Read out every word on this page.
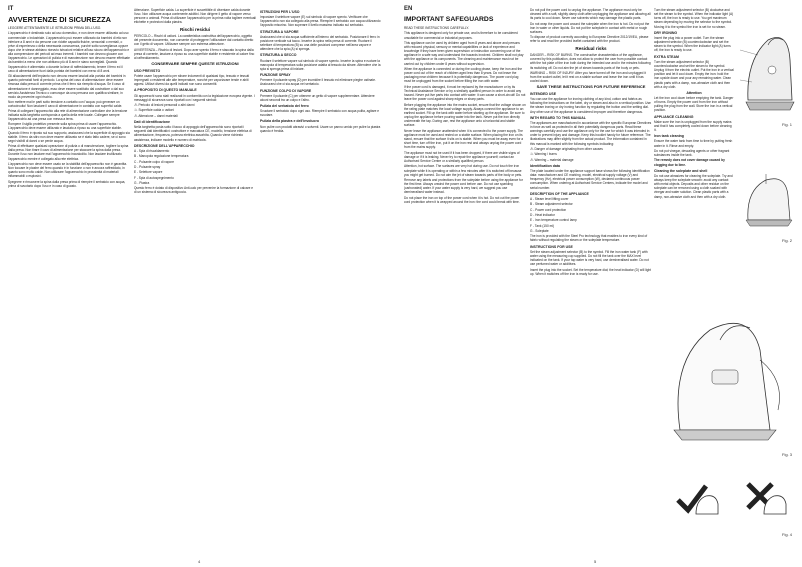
IT
AVVERTENZE DI SICUREZZA

LEGGERE ATTENTAMENTE LE ISTRUZIONI PRIMA DELL'USO.

L'apparecchio è destinato solo ad uso domestico, e non deve essere utilizzato ad uso commerciale o industriale. L'apparecchio può essere utilizzato da bambini di età non inferiore a 8 anni e da persone con ridotte capacità fisiche, sensoriali o mentali, o prive di esperienza o della necessaria conoscenza, purché sotto sorveglianza oppure dopo che le stesse abbiano ricevuto istruzioni relative all'uso sicuro dell'apparecchio e alla comprensione dei pericoli ad esso inerenti. I bambini non devono giocare con l'apparecchio. Le operazioni di pulizia e di manutenzione non devono essere effettuate da bambini a meno che non abbiano più di 8 anni e siano sorvegliati. Quando l'apparecchio è alimentato o durante la fase di raffreddamento, tenere il ferro ed il cavo di alimentazione fuori dalla portata dei bambini con meno di 8 anni.

Gli allacciamenti dell'impianto non devono essere lasciati alla portata dei bambini in quanto potenziali fonti di pericolo. La spina del cavo di alimentazione deve essere rimossa dalla presa di corrente prima che il ferro sia riempito d'acqua. Se il cavo di alimentazione è danneggiato, esso deve essere sostituito dal costruttore o dal suo servizio Assistenza Tecnico o comunque da una persona con qualifica similare, in modo da prevenire ogni rischio.

Non mettere mai le parti sotto tensione a contatto con l'acqua: può generare un cortocircuito! Non lasciare il cavo di alimentazione in contatto con superfici calde. Prima di collegare l'apparecchio alla rete di alimentazione controllare che la tensione indicata sulla targhetta corrisponda a quella della rete locale. Collegare sempre l'apparecchio ad una presa con messa a terra.

Rompere il sigillo protettivo presente sulla spina prima di usare l'apparecchio. L'apparecchio deve essere utilizzato e lasciato a riposo su una superficie stabile. Quando il ferro è riposto sul suo supporto, assicurarsi che la superficie di appoggio sia stabile. Il ferro da stiro non deve essere utilizzato se è stato fatto cadere, se ci sono segni visibili di danni o se perde acqua.

Prima di effettuare qualsiasi operazione di pulizia o di manutenzione, togliere la spina dalla presa. Non tirare il cavo di alimentazione per staccare la spina dalla presa. Durante l'uso non lasciare mai l'apparecchio incustodito. Non lasciare inutilizzato l'apparecchio mentre è collegato alla rete elettrica.

L'apparecchio non deve essere usato se la stabilità dell'apparecchio non è garantita. Non toccare le piastre del ferro quando è in funzione o non è ancora raffreddato, in quanto sono molto calde. Non utilizzare l'apparecchio in prossimità di materiali infiammabili o esplosivi.

Spegnere e rimuovere la spina dalla presa prima di riempire il serbatoio con acqua, prima di svuotarlo dopo l'uso e in caso di guasto.

Attenzione. Superficie calda. La superficie è suscettibile di diventare calda durante l'uso. Non utilizzare acqua contenente additivi. Non dirigere il getto di vapore verso persone o animali. Prima di utilizzare l'apparecchio per la prima volta togliere eventuali etichette e protezioni dalla piastra.

Rischi residui

PERICOLO – Rischi di ustioni. La caratteristica costruttiva dell'apparecchio, oggetto del presente documento, non consente di proteggere l'utilizzatore dal contatto diretto con il getto di vapore. Utilizzare sempre con estrema attenzione.

AVVERTENZA – Rischio di lesioni. Dopo aver spento il ferro e staccato la spina dalla presa di corrente, lasciare a riposo su una superficie stabile e resistente al calore fino al raffreddamento.

CONSERVARE SEMPRE QUESTE ISTRUZIONI
USO PREVISTO

Potete usare l'apparecchio per stirare indumenti di qualsiasi tipo, tessuto e tessuti impregnati o resistenti alle alte temperature, nonché per vaporizzare tende e abiti appesi. Utilizzi diversi da quelli indicati non sono consentiti.

A PROPOSITO DI QUESTO MANUALE

Gli apparecchi sono stati realizzati in conformità con la legislazione europea vigente. I messaggi di sicurezza sono riportati con i seguenti simboli:

⚠ Pericolo di lesioni personali o altri danni

♨ Superficie calda o ustioni

⚠ Attenzione – danni materiali

Dati di identificazione

Nella targhetta posta sotto il tacco di appoggio dell'apparecchio sono riportati i seguenti dati identificativi: costruttore e marcatura CE, modello, tensione elettrica di alimentazione, frequenza, potenza elettrica assorbita. Quando viene richiesto assistenza, indicare modello e numero di matricola.

DESCRIZIONE DELL'APPARECCHIO

A - Spia di riscaldamento

B - Manopola regolazione temperatura

C - Pulsante colpo di vapore

D - Pulsante spray

E - Selettore vapore

F - Spia di autospegnimento

G - Piastra

Questo ferro è dotato di dispositivo Anti-calc per prevenire la formazione di calcare e di un sistema di sicurezza antigoccia.

ISTRUZIONI PER L'USO

Impostare il selettore vapore (E) sul simbolo di vapore spento. Verificare che l'apparecchio non sia collegato alla presa. Riempire il serbatoio con acqua utilizzando l'apposito misurino. Non superare il livello massimo indicato sul serbatoio.

STIRATURA A VAPORE

Assicurarsi che ci sia acqua sufficiente all'interno del serbatoio. Posizionare il ferro in posizione verticale sul tacco. Inserire la spina nella presa di corrente. Ruotare il selettore di temperatura (B) su una delle posizioni comprese nell'area vapore e attendere che la spia (A) si spenga.

STIRATURA A SECCO

Ruotare il selettore vapore sul simbolo di vapore spento. Inserire la spina e ruotare la manopola di temperatura sulla posizione adatta al tessuto da stirare. Attendere che la spia si spenga prima di iniziare.

FUNZIONE SPRAY

Premere il pulsante spray (D) per inumidire il tessuto ed eliminare pieghe ostinate. Assicurarsi che ci sia acqua nel serbatoio.

FUNZIONE COLPO DI VAPORE

Premere il pulsante (C) per ottenere un getto di vapore supplementare. Attendere alcuni secondi tra un colpo e l'altro.

Pulizia del serbatoio del ferro

Svuotare il serbatoio dopo ogni uso. Riempire il serbatoio con acqua pulita, agitare e svuotare.

Pulizia della piastra e dell'involucro

Non pulire con prodotti abrasivi o solventi. Usare un panno umido per pulire la piastra quando è fredda.

4
EN
IMPORTANT SAFEGUARDS

READ THESE INSTRUCTIONS CAREFULLY.

This appliance is designed only for private use, and is therefore to be considered unsuitable for commercial or industrial purposes.

This appliance can be used by children aged from 8 years and above and persons with reduced physical, sensory or mental capabilities or lack of experience and knowledge if they have been given supervision or instruction concerning use of the appliance in a safe way and understand the hazards involved. Children shall not play with the appliance or its components. The cleaning and maintenance must not be carried out by children under 8 years without supervision.

When the appliance is connected or during the cooling phase, keep the iron and the power cord out of the reach of children aged less than 8 years. Do not leave the packaging near children because it is potentially dangerous. The power cord plug must be unplugged from the socket before filling the iron with water.

If the power cord is damaged, it must be replaced by the manufacturer or by its Technical Assistance Service or by a similarly qualified person in order to avoid any hazard. Never put live parts into contact with water: it can cause a short-circuit! Do not leave the power cord against sharp edges or sharp parts.

Before plugging the appliance into the mains socket, ensure that the voltage shown on the rating plate matches the local voltage supply. Always connect the appliance to an earthed socket. Fill up the tank with water before starting up the appliance. Be sure to unplug the appliance before pouring water into the tank. Never put the iron directly underneath the tap. During use, rest the appliance onto a horizontal and stable surface.

Never leave the appliance unattended when it is connected to the power supply. The appliance must be used and rested on a stable surface. When placing the iron on its stand, ensure that the surface it sits on is stable. When you must be away even for a short time, turn off the iron, put it on the iron rest and always unplug the power cord from the mains supply.

The appliance must not be used if it has been dropped, if there are visible signs of damage or if it is leaking. Never try to repair the appliance yourself; contact an Authorised Service Centre or a similarly qualified person.

Attention, hot surface. The surfaces are very hot during use. Do not touch the iron soleplate while it is operating or within a few minutes after it is switched off because you might get burned. Do not aim the jet of steam towards parts of the body or pets.

Remove any labels and protections from the soleplate before using the appliance for the first time. Always unwind the power cord before use. Do not use sparkling (carbonated) water. If your water supply is very hard, we suggest you use demineralised water instead.

Do not place the iron on top of the power cord when it is hot. Do not cut the power cord protection when it is wrapped around the iron: the cord could break with time.

Do not pull the power cord to unplug the appliance. The appliance must only be cleaned with a soft, slightly damp cloth after unplugging the appliance and allowing all its parts to cool down. Never use solvents which may damage the plastic parts.

Do not wrap the power cord around the soleplate when the iron is hot. Do not put the iron in water or other liquids. Do not put the soleplate in contact with metal or rough surfaces.

To dispose of product correctly according to European Directive 2012/19/EU, please refer to and read the provided leaflet contained with the product.

Residual risks

DANGER – RISK OF BURNS. The constructive characteristics of the appliance, covered by this publication, does not allow to protect the user from possible contact with the hot plate of the iron both during the intended use and in the minutes following its switching off. Do not aim the jet of steam towards parts of the body or pets.

WARNING – RISK OF INJURY. After you have turned off the iron and unplugged it from the socket outlet, let it rest on a stable surface and leave the iron until it has cooled down.

SAVE THESE INSTRUCTIONS FOR FUTURE REFERENCE
INTENDED USE

You can use the appliance for ironing clothing of any kind, cotton and fabrics as following the instructions on the label, dry or steam and also in a vertical position. Use the steam ironing or dry ironing function by regulating the button and the setting dial. Any other use of the appliance is considered improper and therefore dangerous.

WITH REGARD TO THIS MANUAL

The appliances are manufactured in accordance with the specific European Directives in force as well as protected in all their potentially dangerous parts. Read these warnings carefully and use the appliance only for the use for which it was intended in order to prevent injury and damage. Keep this booklet handy for future reference. The illustrations may differ slightly from the actual product. The information contained in this manual is marked with the following symbols indicating:

⚠ Danger of damage originating from other causes

♨ Warning / burns

⚠ Warning – material damage

Identification data

The plate located under the appliance support base shows the following identification data: manufacturer and CE marking, model, electrical supply voltage (V) and frequency (Hz), electrical power consumption (W), declared continuous power consumption. When ordering at Authorised Service Centers, indicate the model and serial number.

DESCRIPTION OF THE APPLIANCE

A - Steam level lifting cover

B - Steam adjustment selector

C - Power cord protection

D - Heat indicator

E - Iron temperature control lamp

F - Tank (150 ml)

G - Soleplate

The iron is provided with the Steel Pro technology that enables to iron every kind of fabric without regulating the steam or the soleplate temperature.

INSTRUCTIONS FOR USE

Set the steam adjustment selector (B) to the symbol. Fill the iron water tank (F) with water using the measuring cup supplied. Do not fill the tank over the MAX level indicated on the tank. If your tap water is very hard, use demineralised water. Do not use perfumed water or additives.

Insert the plug into the socket. Set the temperature dial; the heat indicator (D) will light up. When it switches off the iron is ready for use.

5

Turn the steam adjustment selector (B) clockwise and set the steam to the symbol. When the indicator light (A) turns off, the iron is ready to use. You get maximum steam depending by moving the selector to the symbol. Moving it to the symbol the iron is set for no steam.

DRY IRONING

Insert the plug into a power outlet. Turn the steam adjustment selector (B) counterclockwise and set the steam to the symbol. When the indicator light (A) turns off, the iron is ready to use.

EXTRA STEAM

Turn the steam adjustment selector (B) counterclockwise and set the steam to the symbol. Unplug it from the electric outlet. Put the iron in a vertical position and let it cool down. Empty the iron: hold the iron upside down and pour any remaining water. Clean plastic parts with a damp, non-abrasive cloth and then with a dry cloth.

Attention

Let the iron cool down before emptying the tank. Danger of burns. Empty the power cord from the iron without pulling the plug from the wall. Store the iron in a vertical position.

APPLIANCE CLEANING

Make sure the iron is unplugged from the supply mains and that it has completely cooled down before cleaning it.

Iron tank cleaning

Ensure the water tank from time to time by putting fresh water in it. Rinse and empty.

Do not put vinegar, descaling agents or other fragrant substances inside the tank.

The remedy does not cover damage caused by clogging due to lime.

Cleaning the soleplate and shell

Do not use abrasives for cleaning the soleplate. Try and always keep the soleplate smooth: avoid any contact with metal objects. Deposits and other residue on the soleplate can be removed using a cloth soaked with vinegar and water solution. Clean plastic parts with a damp, non-abrasive cloth and then with a dry cloth.

Fig. 1
Fig. 2
Fig. 3
Fig. 4
